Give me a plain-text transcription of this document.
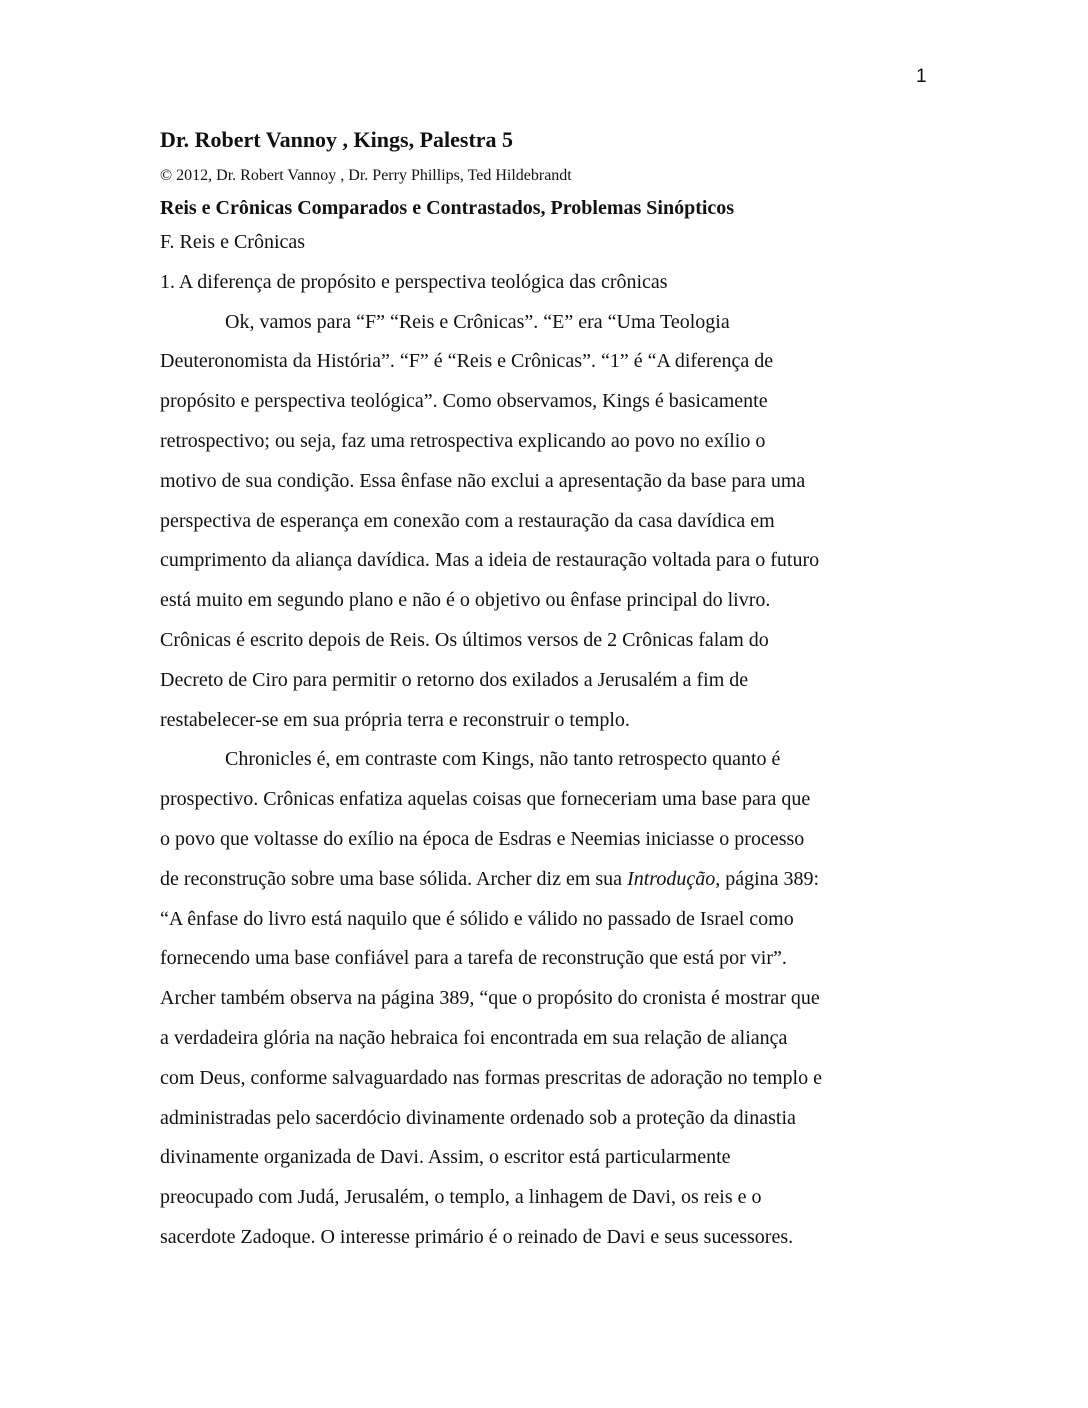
1
Dr. Robert Vannoy , Kings, Palestra 5
© 2012, Dr. Robert Vannoy , Dr. Perry Phillips, Ted Hildebrandt
Reis e Crônicas Comparados e Contrastados, Problemas Sinópticos
F. Reis e Crônicas
1. A diferença de propósito e perspectiva teológica das crônicas
Ok, vamos para “F” “Reis e Crônicas”. “E” era “Uma Teologia
Deuteronomista da História”. “F” é “Reis e Crônicas”. “1” é “A diferença de
propósito e perspectiva teológica”. Como observamos, Kings é basicamente
retrospectivo; ou seja, faz uma retrospectiva explicando ao povo no exílio o
motivo de sua condição. Essa ênfase não exclui a apresentação da base para uma
perspectiva de esperança em conexão com a restauração da casa davídica em
cumprimento da aliança davídica. Mas a ideia de restauração voltada para o futuro
está muito em segundo plano e não é o objetivo ou ênfase principal do livro.
Crônicas é escrito depois de Reis. Os últimos versos de 2 Crônicas falam do
Decreto de Ciro para permitir o retorno dos exilados a Jerusalém a fim de
restabelecer-se em sua própria terra e reconstruir o templo.
Chronicles é, em contraste com Kings, não tanto retrospecto quanto é
prospectivo. Crônicas enfatiza aquelas coisas que forneceriam uma base para que
o povo que voltasse do exílio na época de Esdras e Neemias iniciasse o processo
de reconstrução sobre uma base sólida. Archer diz em sua Introdução, página 389:
“A ênfase do livro está naquilo que é sólido e válido no passado de Israel como
fornecendo uma base confiável para a tarefa de reconstrução que está por vir”.
Archer também observa na página 389, “que o propósito do cronista é mostrar que
a verdadeira glória na nação hebraica foi encontrada em sua relação de aliança
com Deus, conforme salvaguardado nas formas prescritas de adoração no templo e
administradas pelo sacerdócio divinamente ordenado sob a proteção da dinastia
divinamente organizada de Davi. Assim, o escritor está particularmente
preocupado com Judá, Jerusalém, o templo, a linhagem de Davi, os reis e o
sacerdote Zadoque. O interesse primário é o reinado de Davi e seus sucessores.
